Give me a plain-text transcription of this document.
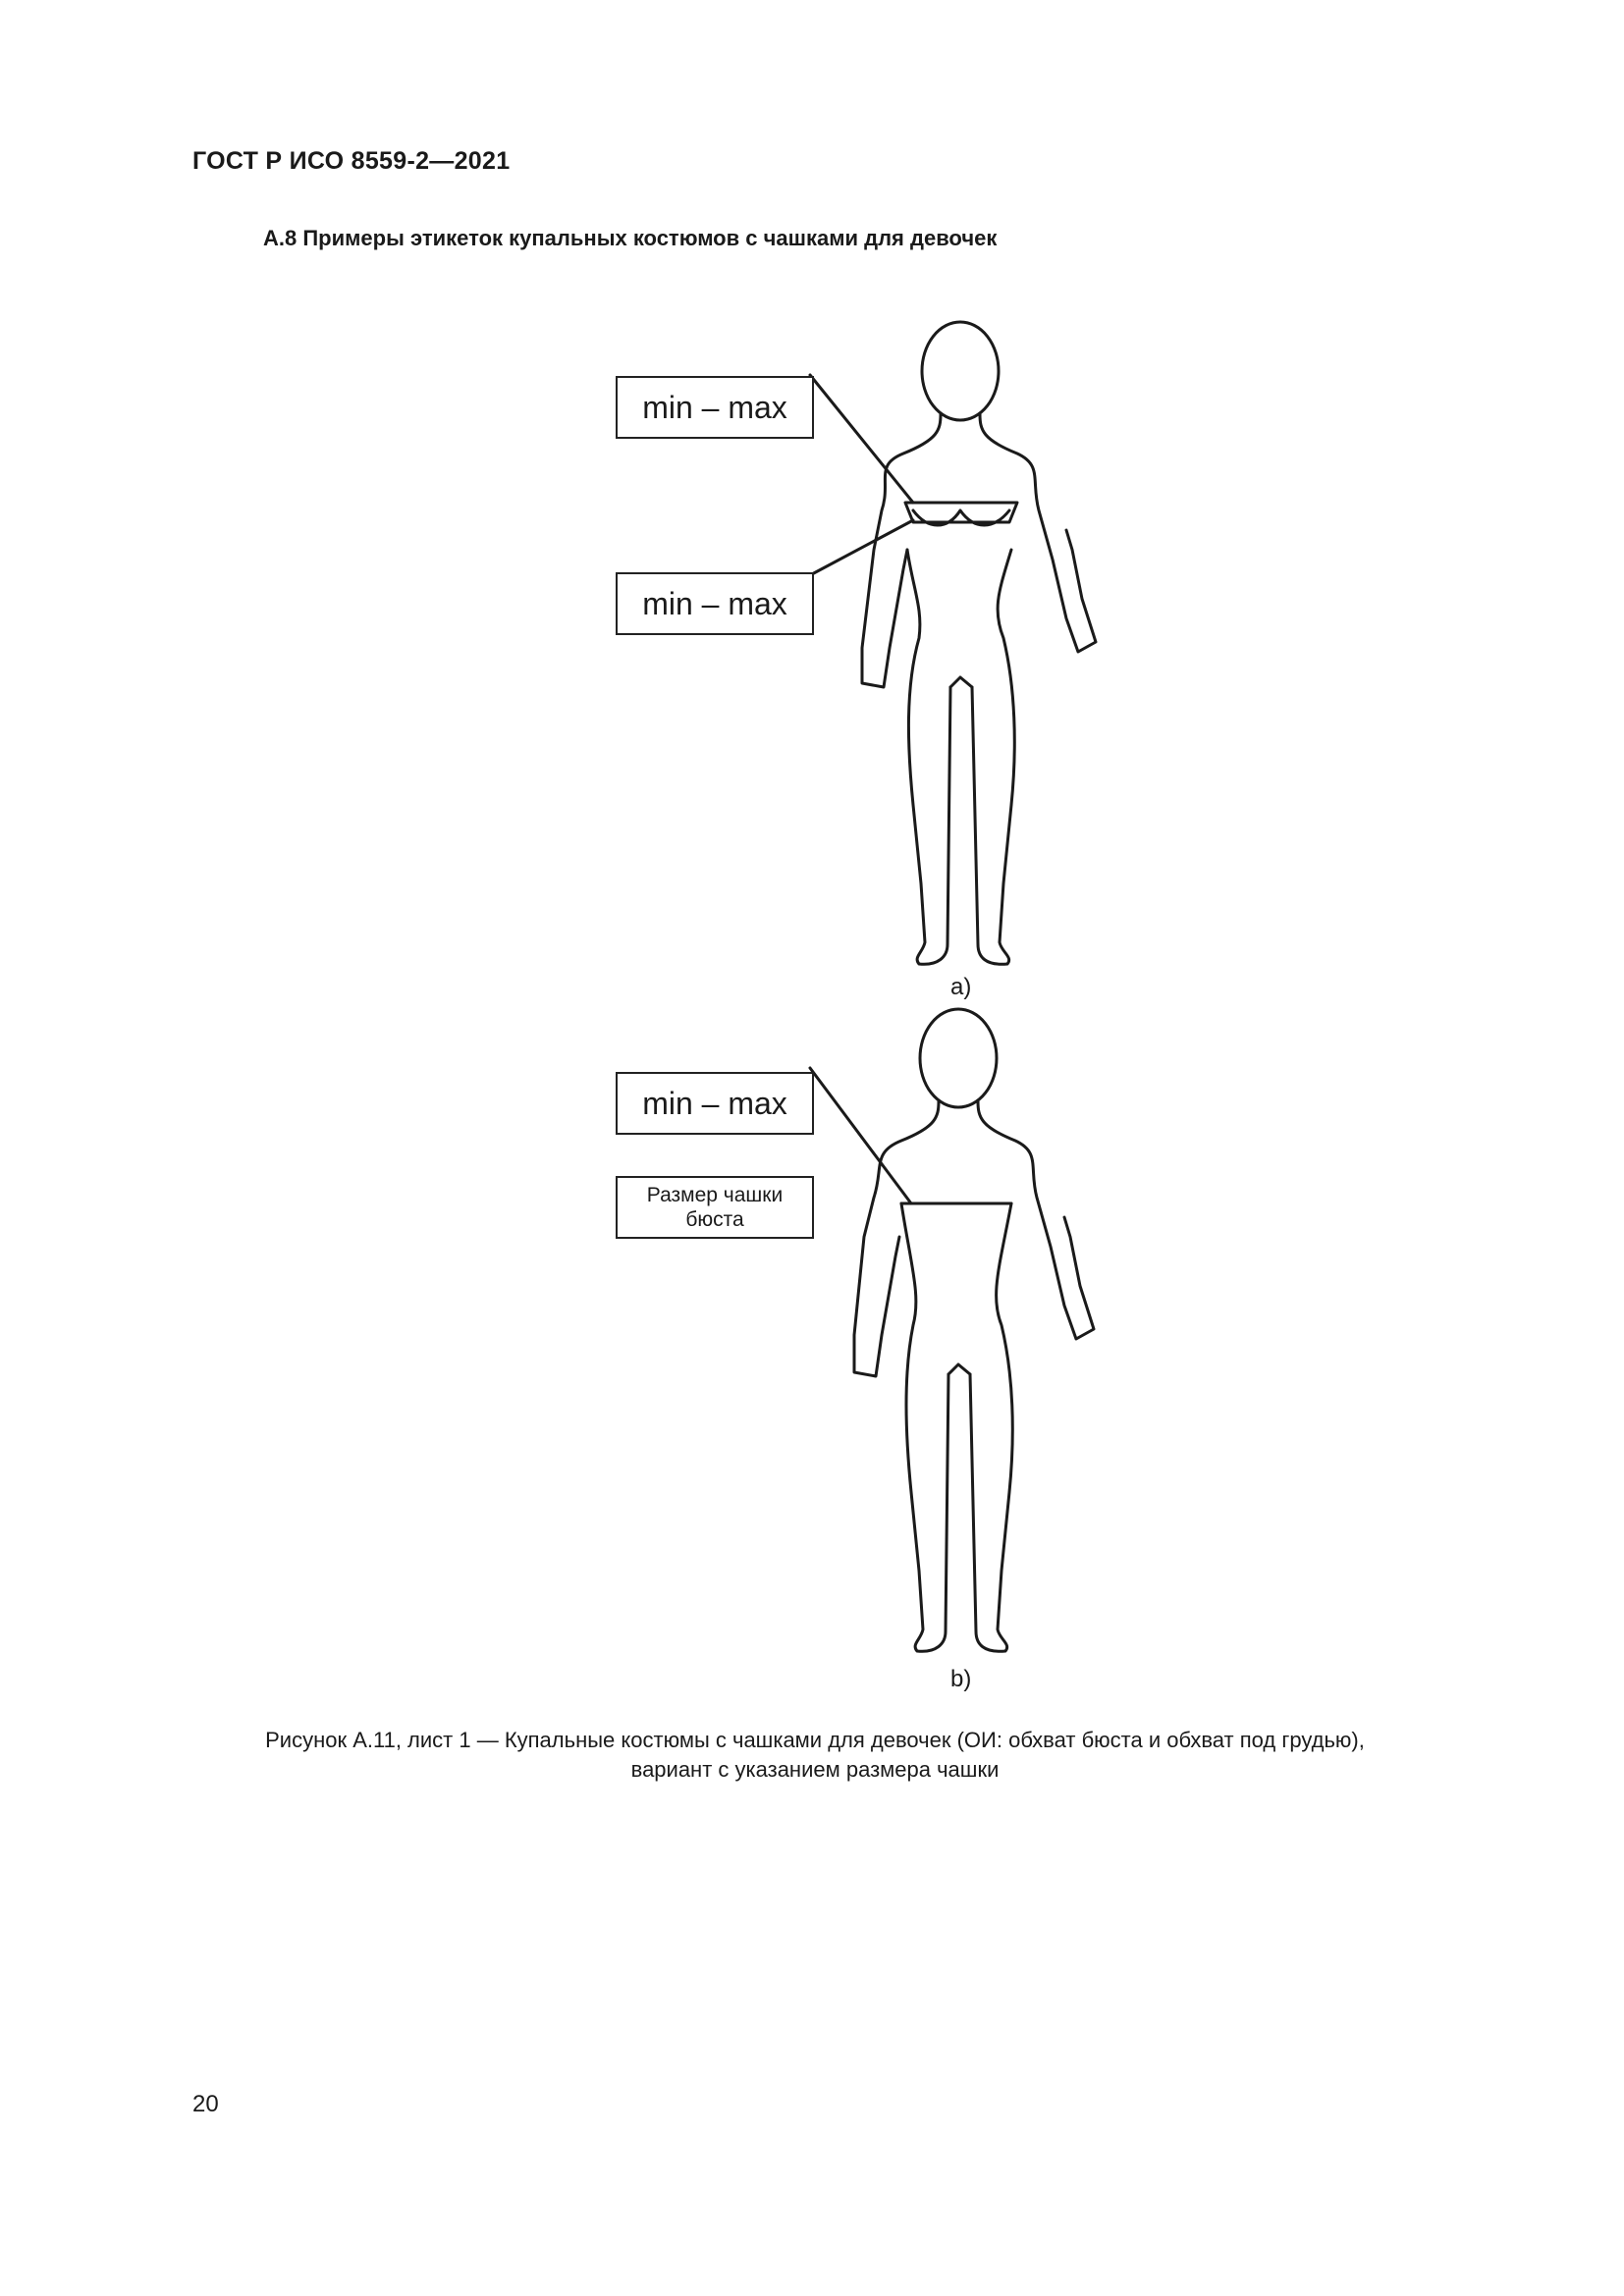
ГОСТ Р ИСО 8559-2—2021
А.8 Примеры этикеток купальных костюмов с чашками для девочек
min – max
min – max
a)
min – max
Размер чашки
бюста
b)
Рисунок А.11, лист 1 — Купальные костюмы с чашками для девочек (ОИ: обхват бюста и обхват под грудью),
вариант с указанием размера чашки
20
